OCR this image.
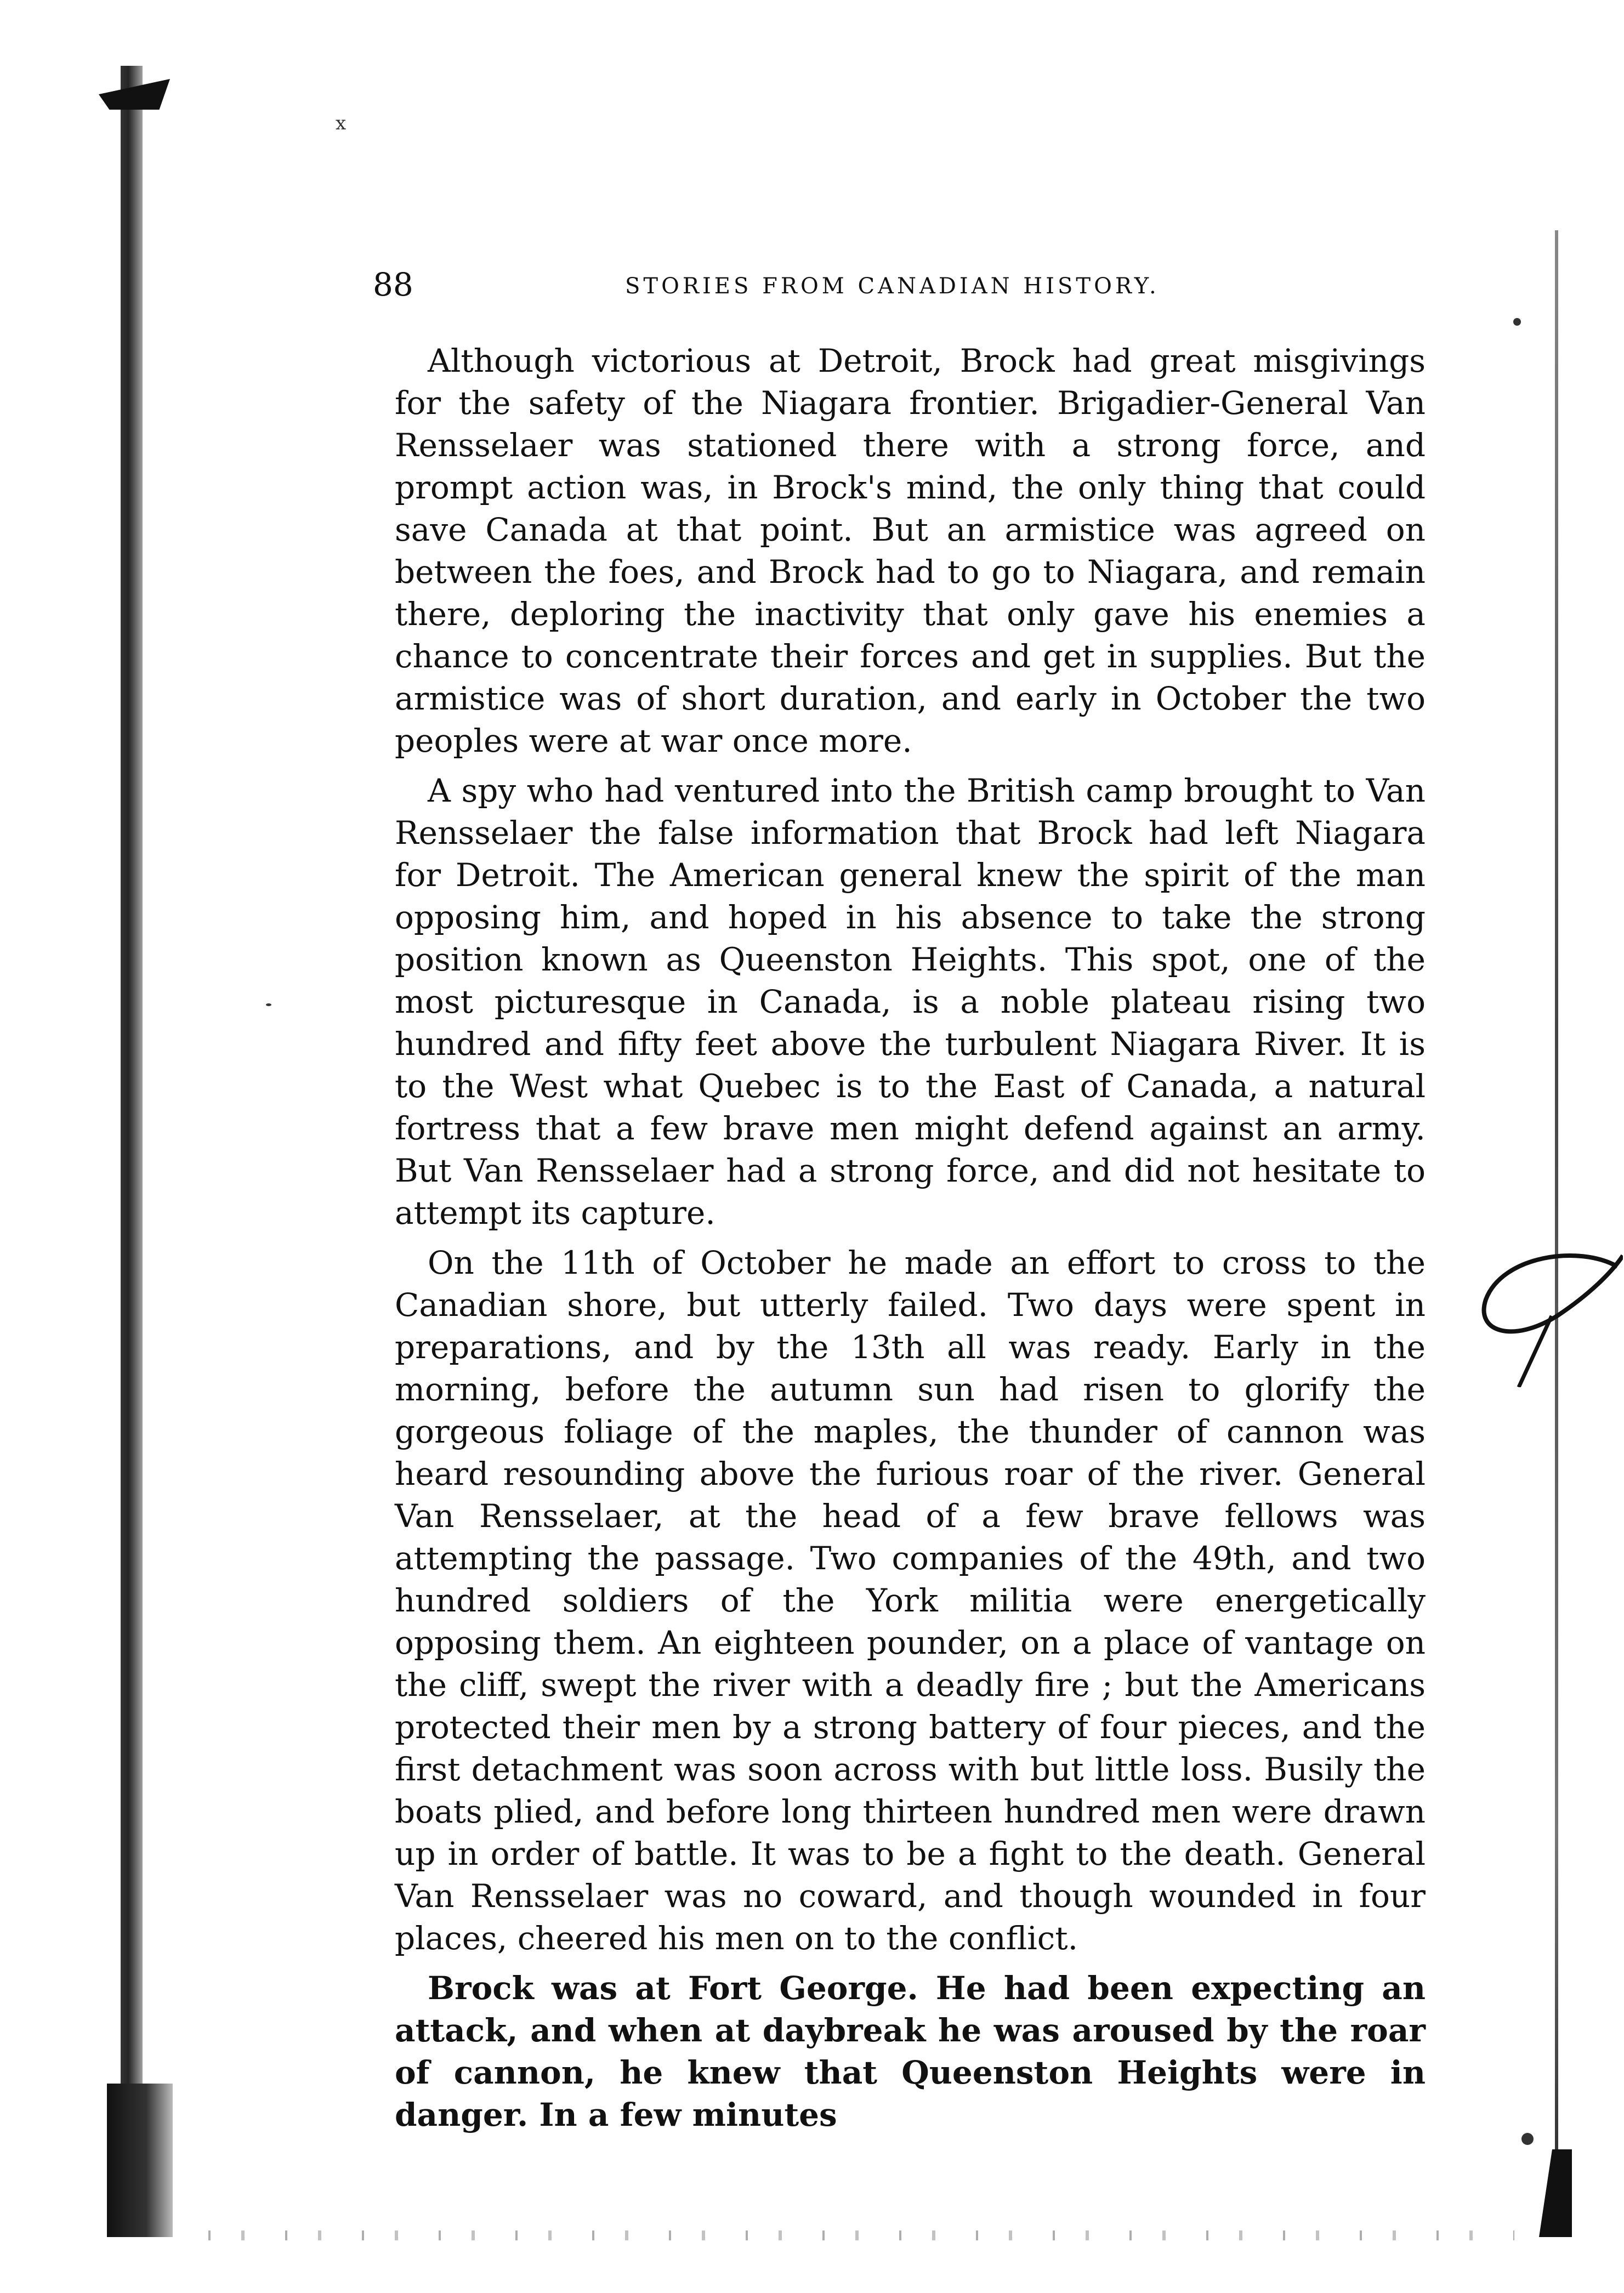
x
88	STORIES FROM CANADIAN HISTORY.

Although victorious at Detroit, Brock had great misgivings for the safety of the Niagara frontier. Brigadier-General Van Rensselaer was stationed there with a strong force, and prompt action was, in Brock's mind, the only thing that could save Canada at that point. But an armistice was agreed on between the foes, and Brock had to go to Niagara, and remain there, deploring the inactivity that only gave his enemies a chance to concentrate their forces and get in supplies. But the armistice was of short duration, and early in October the two peoples were at war once more.

A spy who had ventured into the British camp brought to Van Rensselaer the false information that Brock had left Niagara for Detroit. The American general knew the spirit of the man opposing him, and hoped in his absence to take the strong position known as Queenston Heights. This spot, one of the most picturesque in Canada, is a noble plateau rising two hundred and fifty feet above the turbulent Niagara River. It is to the West what Quebec is to the East of Canada, a natural fortress that a few brave men might defend against an army. But Van Rensselaer had a strong force, and did not hesitate to attempt its capture.

On the 11th of October he made an effort to cross to the Canadian shore, but utterly failed. Two days were spent in preparations, and by the 13th all was ready. Early in the morning, before the autumn sun had risen to glorify the gorgeous foliage of the maples, the thunder of cannon was heard resounding above the furious roar of the river. General Van Rensselaer, at the head of a few brave fellows was attempting the passage. Two companies of the 49th, and two hundred soldiers of the York militia were energetically opposing them. An eighteen pounder, on a place of vantage on the cliff, swept the river with a deadly fire ; but the Americans protected their men by a strong battery of four pieces, and the first detachment was soon across with but little loss. Busily the boats plied, and before long thirteen hundred men were drawn up in order of battle. It was to be a fight to the death. General Van Rensselaer was no coward, and though wounded in four places, cheered his men on to the conflict.

Brock was at Fort George. He had been expecting an attack, and when at daybreak he was aroused by the roar of cannon, he knew that Queenston Heights were in danger. In a few minutes
